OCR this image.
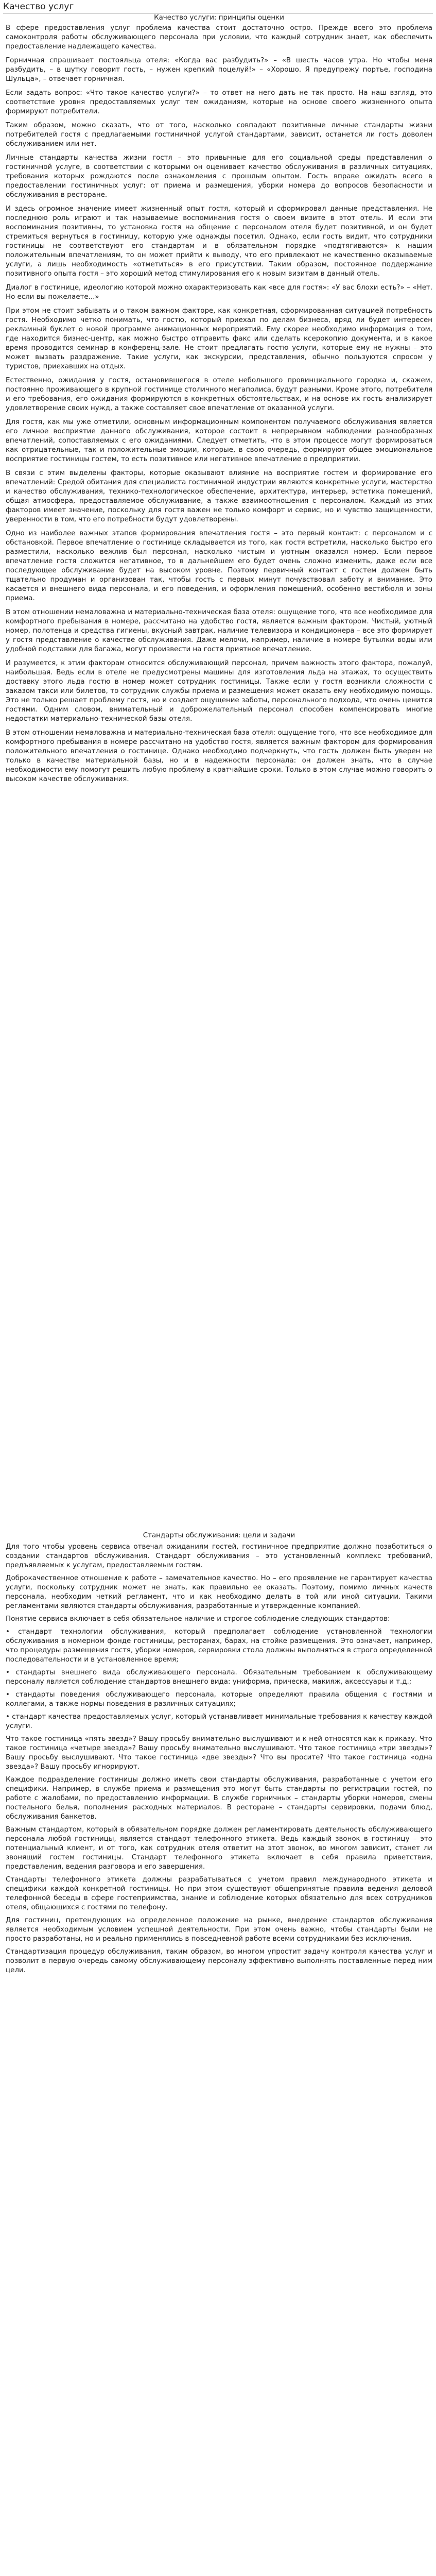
Качество услуг
Качество услуги: принципы оценки

В сфере предоставления услуг проблема качества стоит достаточно остро. Прежде всего это проблема самоконтроля работы обслуживающего персонала при условии, что каждый сотрудник знает, как обеспечить предоставление надлежащего качества.

Горничная спрашивает постояльца отеля: «Когда вас разбудить?» – «В шесть часов утра. Но чтобы меня разбудить, – в шутку говорит гость, – нужен крепкий поцелуй!» – «Хорошо. Я предупрежу портье, господина Шульца», – отвечает горничная.

Если задать вопрос: «Что такое качество услуги?» – то ответ на него дать не так просто. На наш взгляд, это соответствие уровня предоставляемых услуг тем ожиданиям, которые на основе своего жизненного опыта формируют потребители.

Таким образом, можно сказать, что от того, насколько совпадают позитивные личные стандарты жизни потребителей гостя с предлагаемыми гостиничной услугой стандартами, зависит, останется ли гость доволен обслуживанием или нет.

Личные стандарты качества жизни гостя – это привычные для его социальной среды представления о гостиничной услуге, в соответствии с которыми он оценивает качество обслуживания в различных ситуациях, требования которых рождаются после ознакомления с прошлым опытом. Гость вправе ожидать всего в предоставлении гостиничных услуг: от приема и размещения, уборки номера до вопросов безопасности и обслуживания в ресторане.

И здесь огромное значение имеет жизненный опыт гостя, который и сформировал данные представления. Не последнюю роль играют и так называемые воспоминания гостя о своем визите в этот отель. И если эти воспоминания позитивны, то установка гостя на общение с персоналом отеля будет позитивной, и он будет стремиться вернуться в гостиницу, которую уже однажды посетил. Однако, если гость видит, что сотрудники гостиницы не соответствуют его стандартам и в обязательном порядке «подтягиваются» к нашим положительным впечатлениям, то он может прийти к выводу, что его привлекают не качественно оказываемые услуги, а лишь необходимость «отметиться» в его присутствии. Таким образом, постоянное поддержание позитивного опыта гостя – это хороший метод стимулирования его к новым визитам в данный отель.

Диалог в гостинице, идеологию которой можно охарактеризовать как «все для гостя»: «У вас блохи есть?» – «Нет. Но если вы пожелаете...»

При этом не стоит забывать и о таком важном факторе, как конкретная, сформированная ситуацией потребность гостя. Необходимо четко понимать, что гостю, который приехал по делам бизнеса, вряд ли будет интересен рекламный буклет о новой программе анимационных мероприятий. Ему скорее необходимо информация о том, где находится бизнес-центр, как можно быстро отправить факс или сделать ксерокопию документа, и в какое время проводится семинар в конференц-зале. Не стоит предлагать гостю услуги, которые ему не нужны – это может вызвать раздражение. Такие услуги, как экскурсии, представления, обычно пользуются спросом у туристов, приехавших на отдых.

Естественно, ожидания у гостя, остановившегося в отеле небольшого провинциального городка и, скажем, постоянно проживающего в крупной гостинице столичного мегаполиса, будут разными. Кроме этого, потребителя и его требования, его ожидания формируются в конкретных обстоятельствах, и на основе их гость анализирует удовлетворение своих нужд, а также составляет свое впечатление от оказанной услуги.

Для гостя, как мы уже отметили, основным информационным компонентом получаемого обслуживания является его личное восприятие данного обслуживания, которое состоит в непрерывном наблюдении разнообразных впечатлений, сопоставляемых с его ожиданиями. Следует отметить, что в этом процессе могут формироваться как отрицательные, так и положительные эмоции, которые, в свою очередь, формируют общее эмоциональное восприятие гостиницы гостем, то есть позитивное или негативное впечатление о предприятии.

В связи с этим выделены факторы, которые оказывают влияние на восприятие гостем и формирование его впечатлений: Средой обитания для специалиста гостиничной индустрии являются конкретные услуги, мастерство и качество обслуживания, технико-технологическое обеспечение, архитектура, интерьер, эстетика помещений, общая атмосфера, предоставляемое обслуживание, а также взаимоотношения с персоналом. Каждый из этих факторов имеет значение, поскольку для гостя важен не только комфорт и сервис, но и чувство защищенности, уверенности в том, что его потребности будут удовлетворены.

Одно из наиболее важных этапов формирования впечатления гостя – это первый контакт: с персоналом и с обстановкой. Первое впечатление о гостинице складывается из того, как гостя встретили, насколько быстро его разместили, насколько вежлив был персонал, насколько чистым и уютным оказался номер. Если первое впечатление гостя сложится негативное, то в дальнейшем его будет очень сложно изменить, даже если все последующее обслуживание будет на высоком уровне. Поэтому первичный контакт с гостем должен быть тщательно продуман и организован так, чтобы гость с первых минут почувствовал заботу и внимание. Это касается и внешнего вида персонала, и его поведения, и оформления помещений, особенно вестибюля и зоны приема.

В этом отношении немаловажна и материально-техническая база отеля: ощущение того, что все необходимое для комфортного пребывания в номере, рассчитано на удобство гостя, является важным фактором. Чистый, уютный номер, полотенца и средства гигиены, вкусный завтрак, наличие телевизора и кондиционера – все это формирует у гостя представление о качестве обслуживания. Даже мелочи, например, наличие в номере бутылки воды или удобной подставки для багажа, могут произвести на гостя приятное впечатление.

И разумеется, к этим факторам относится обслуживающий персонал, причем важность этого фактора, пожалуй, наибольшая. Ведь если в отеле не предусмотрены машины для изготовления льда на этажах, то осуществить доставку этого льда гостю в номер может сотрудник гостиницы. Также если у гостя возникли сложности с заказом такси или билетов, то сотрудник службы приема и размещения может оказать ему необходимую помощь. Это не только решает проблему гостя, но и создает ощущение заботы, персонального подхода, что очень ценится гостями. Одним словом, внимательный и доброжелательный персонал способен компенсировать многие недостатки материально-технической базы отеля.

В этом отношении немаловажна и материально-техническая база отеля: ощущение того, что все необходимое для комфортного пребывания в номере рассчитано на удобство гостя, является важным фактором для формирования положительного впечатления о гостинице. Однако необходимо подчеркнуть, что гость должен быть уверен не только в качестве материальной базы, но и в надежности персонала: он должен знать, что в случае необходимости ему помогут решить любую проблему в кратчайшие сроки. Только в этом случае можно говорить о высоком качестве обслуживания.

Стандарты обслуживания: цели и задачи

Для того чтобы уровень сервиса отвечал ожиданиям гостей, гостиничное предприятие должно позаботиться о создании стандартов обслуживания. Стандарт обслуживания – это установленный комплекс требований, предъявляемых к услугам, предоставляемым гостям.

Доброкачественное отношение к работе – замечательное качество. Но – его проявление не гарантирует качества услуги, поскольку сотрудник может не знать, как правильно ее оказать. Поэтому, помимо личных качеств персонала, необходим четкий регламент, что и как необходимо делать в той или иной ситуации. Такими регламентами являются стандарты обслуживания, разработанные и утвержденные компанией.

Понятие сервиса включает в себя обязательное наличие и строгое соблюдение следующих стандартов:

• стандарт технологии обслуживания, который предполагает соблюдение установленной технологии обслуживания в номерном фонде гостиницы, ресторанах, барах, на стойке размещения. Это означает, например, что процедуры размещения гостя, уборки номеров, сервировки стола должны выполняться в строго определенной последовательности и в установленное время;

• стандарты внешнего вида обслуживающего персонала. Обязательным требованием к обслуживающему персоналу является соблюдение стандартов внешнего вида: униформа, прическа, макияж, аксессуары и т.д.;

• стандарты поведения обслуживающего персонала, которые определяют правила общения с гостями и коллегами, а также нормы поведения в различных ситуациях;

• стандарт качества предоставляемых услуг, который устанавливает минимальные требования к качеству каждой услуги.

Что такое гостиница «пять звезд»? Вашу просьбу внимательно выслушивают и к ней относятся как к приказу. Что такое гостиница «четыре звезда»? Вашу просьбу внимательно выслушивают. Что такое гостиница «три звезды»? Вашу просьбу выслушивают. Что такое гостиница «две звезды»? Что вы просите? Что такое гостиница «одна звезда»? Вашу просьбу игнорируют.

Каждое подразделение гостиницы должно иметь свои стандарты обслуживания, разработанные с учетом его специфики. Например, в службе приема и размещения это могут быть стандарты по регистрации гостей, по работе с жалобами, по предоставлению информации. В службе горничных – стандарты уборки номеров, смены постельного белья, пополнения расходных материалов. В ресторане – стандарты сервировки, подачи блюд, обслуживания банкетов.

Важным стандартом, который в обязательном порядке должен регламентировать деятельность обслуживающего персонала любой гостиницы, является стандарт телефонного этикета. Ведь каждый звонок в гостиницу – это потенциальный клиент, и от того, как сотрудник отеля ответит на этот звонок, во многом зависит, станет ли звонящий гостем гостиницы. Стандарт телефонного этикета включает в себя правила приветствия, представления, ведения разговора и его завершения.

Стандарты телефонного этикета должны разрабатываться с учетом правил международного этикета и специфики каждой конкретной гостиницы. Но при этом существуют общепринятые правила ведения деловой телефонной беседы в сфере гостеприимства, знание и соблюдение которых обязательно для всех сотрудников отеля, общающихся с гостями по телефону.

Для гостиниц, претендующих на определенное положение на рынке, внедрение стандартов обслуживания является необходимым условием успешной деятельности. При этом очень важно, чтобы стандарты были не просто разработаны, но и реально применялись в повседневной работе всеми сотрудниками без исключения.

Стандартизация процедур обслуживания, таким образом, во многом упростит задачу контроля качества услуг и позволит в первую очередь самому обслуживающему персоналу эффективно выполнять поставленные перед ним цели.
